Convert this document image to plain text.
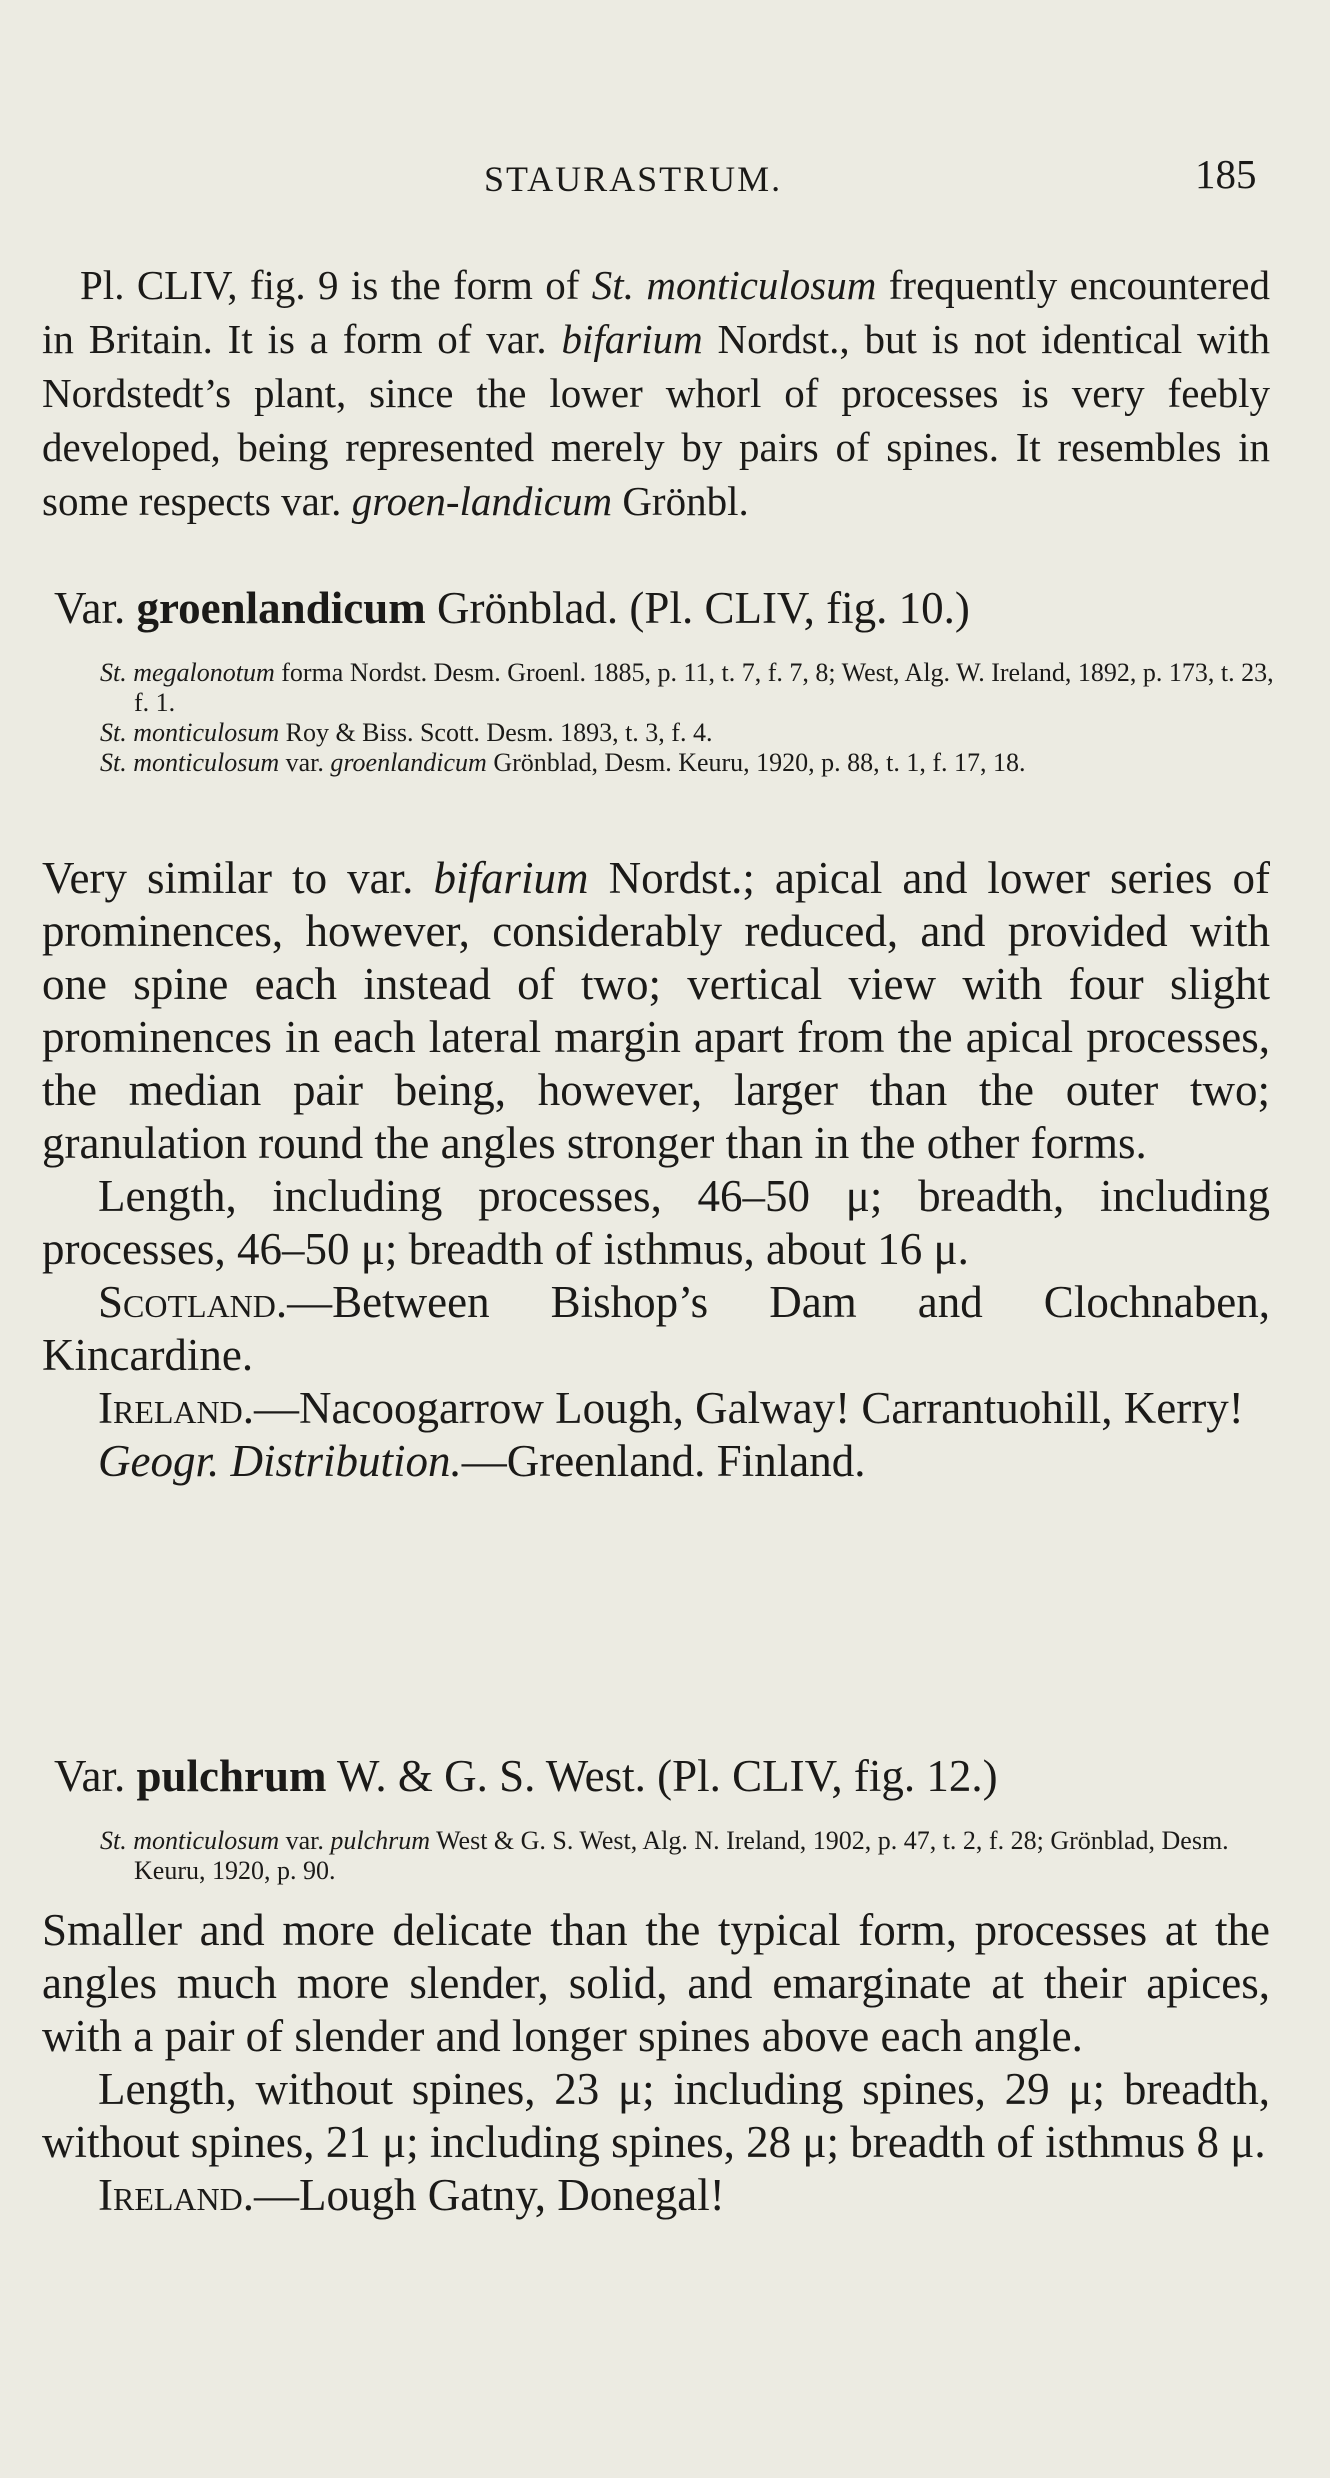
STAURASTRUM.	185

Pl. CLIV, fig. 9 is the form of St. monticulosum frequently encountered in Britain. It is a form of var. bifarium Nordst., but is not identical with Nordstedt’s plant, since the lower whorl of processes is very feebly developed, being represented merely by pairs of spines. It resembles in some respects var. groen-landicum Grönbl.

Var. groenlandicum Grönblad. (Pl. CLIV, fig. 10.)

St. megalonotum forma Nordst. Desm. Groenl. 1885, p. 11, t. 7, f. 7, 8; West, Alg. W. Ireland, 1892, p. 173, t. 23, f. 1.

St. monticulosum Roy & Biss. Scott. Desm. 1893, t. 3, f. 4.

St. monticulosum var. groenlandicum Grönblad, Desm. Keuru, 1920, p. 88, t. 1, f. 17, 18.

Very similar to var. bifarium Nordst.; apical and lower series of prominences, however, considerably reduced, and provided with one spine each instead of two; vertical view with four slight prominences in each lateral margin apart from the apical processes, the median pair being, however, larger than the outer two; granulation round the angles stronger than in the other forms.

Length, including processes, 46–50 μ; breadth, including processes, 46–50 μ; breadth of isthmus, about 16 μ.

Scotland.—Between Bishop’s Dam and Clochnaben, Kincardine.

Ireland.—Nacoogarrow Lough, Galway! Carrantuohill, Kerry!

Geogr. Distribution.—Greenland. Finland.

Var. pulchrum W. & G. S. West. (Pl. CLIV, fig. 12.)

St. monticulosum var. pulchrum West & G. S. West, Alg. N. Ireland, 1902, p. 47, t. 2, f. 28; Grönblad, Desm. Keuru, 1920, p. 90.

Smaller and more delicate than the typical form, processes at the angles much more slender, solid, and emarginate at their apices, with a pair of slender and longer spines above each angle.

Length, without spines, 23 μ; including spines, 29 μ; breadth, without spines, 21 μ; including spines, 28 μ; breadth of isthmus 8 μ.

Ireland.—Lough Gatny, Donegal!
